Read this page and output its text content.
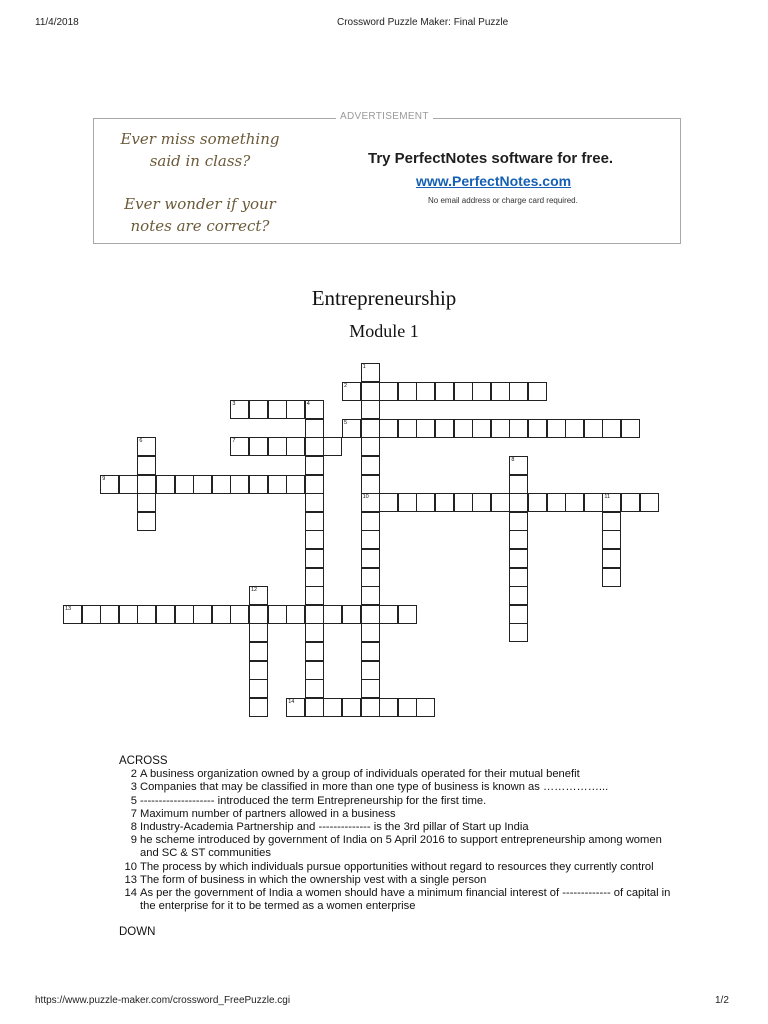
11/4/2018	Crossword Puzzle Maker: Final Puzzle
ADVERTISEMENT
Ever miss something
said in class?
Ever wonder if your
notes are correct?
Try PerfectNotes software for free.
www.PerfectNotes.com
No email address or charge card required.
Entrepreneurship
Module 1
1
10
2
3	4
5
6	7
8
9
11
12
13
14
ACROSS
2 A business organization owned by a group of individuals operated for their mutual benefit
3 Companies that may be classified in more than one type of business is known as ……………...
5 -------------------- introduced the term Entrepreneurship for the first time.
7 Maximum number of partners allowed in a business
8 Industry-Academia Partnership and -------------- is the 3rd pillar of Start up India
9 he scheme introduced by government of India on 5 April 2016 to support entrepreneurship among women and SC & ST communities
10 The process by which individuals pursue opportunities without regard to resources they currently control
13 The form of business in which the ownership vest with a single person
14 As per the government of India a women should have a minimum financial interest of ------------- of capital in the enterprise for it to be termed as a women enterprise
DOWN
https://www.puzzle-maker.com/crossword_FreePuzzle.cgi	1/2
